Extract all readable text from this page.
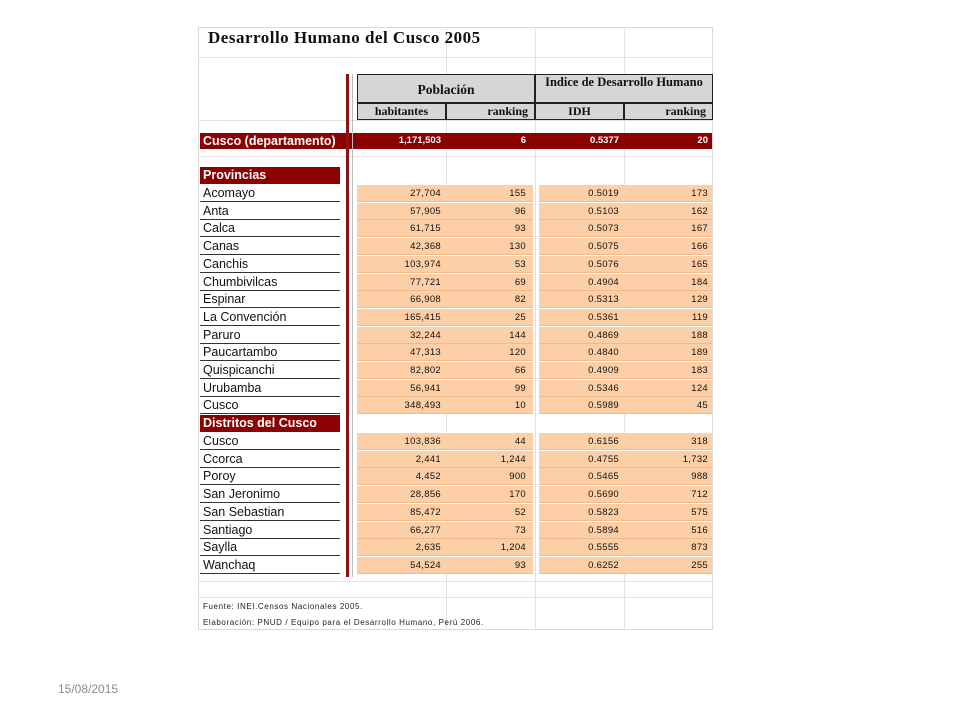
Desarrollo Humano del Cusco 2005
Población	Indice de Desarrollo Humano
habitantes	ranking	IDH	ranking
Cusco (departamento)	1,171,503	6	0.5377	20
Provincias
Acomayo	27,704	155	0.5019	173
Anta	57,905	96	0.5103	162
Calca	61,715	93	0.5073	167
Canas	42,368	130	0.5075	166
Canchis	103,974	53	0.5076	165
Chumbivilcas	77,721	69	0.4904	184
Espinar	66,908	82	0.5313	129
La Convención	165,415	25	0.5361	119
Paruro	32,244	144	0.4869	188
Paucartambo	47,313	120	0.4840	189
Quispicanchi	82,802	66	0.4909	183
Urubamba	56,941	99	0.5346	124
Cusco	348,493	10	0.5989	45
Distritos del Cusco
Cusco	103,836	44	0.6156	318
Ccorca	2,441	1,244	0.4755	1,732
Poroy	4,452	900	0.5465	988
San Jeronimo	28,856	170	0.5690	712
San Sebastian	85,472	52	0.5823	575
Santiago	66,277	73	0.5894	516
Saylla	2,635	1,204	0.5555	873
Wanchaq	54,524	93	0.6252	255
Fuente: INEI.Censos Nacionales 2005.
Elaboración: PNUD / Equipo para el Desarrollo Humano, Perú 2006.
15/08/2015
